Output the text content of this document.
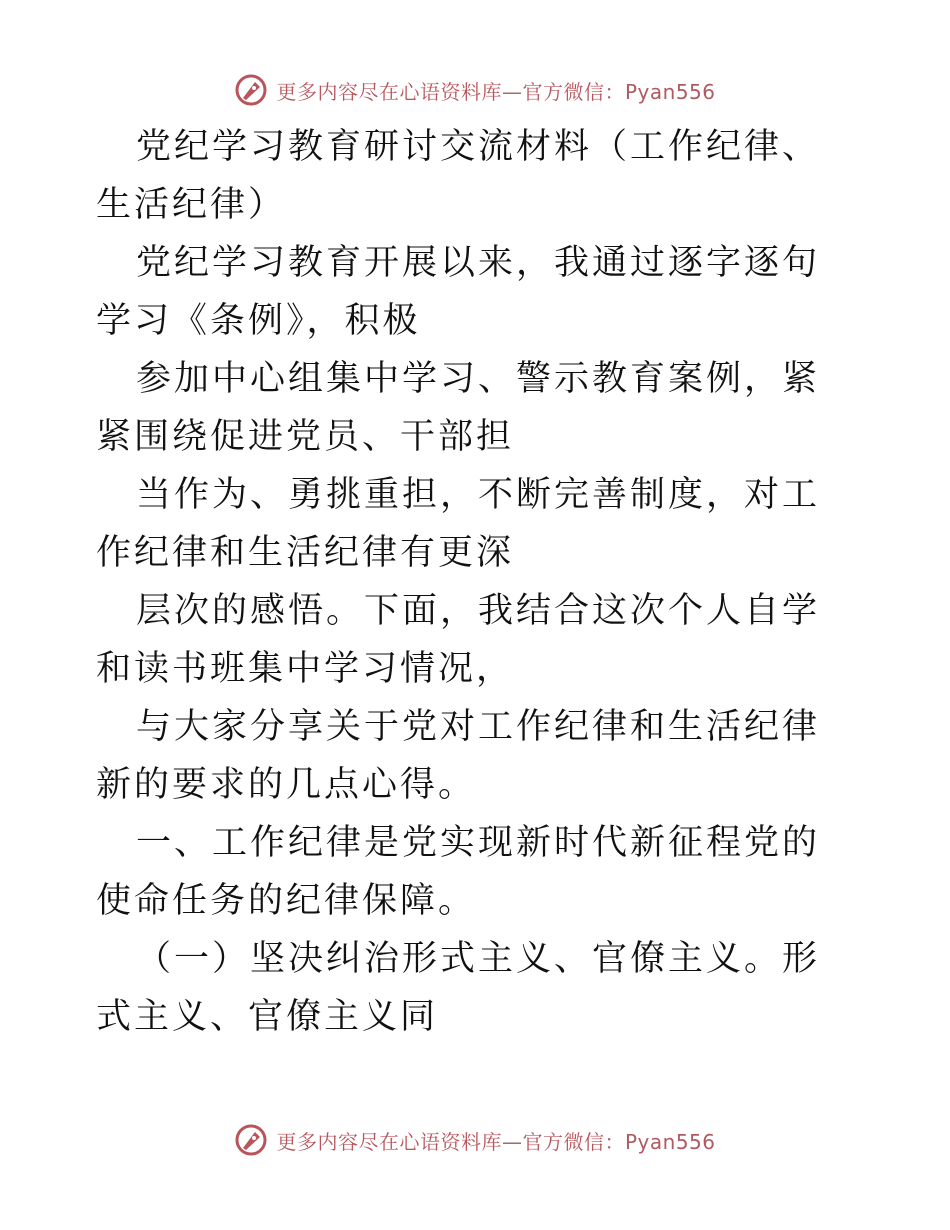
更多内容尽在心语资料库—官方微信：Pyan556

党纪学习教育研讨交流材料（工作纪律、生活纪律）

党纪学习教育开展以来，我通过逐字逐句学习《条例》，积极

参加中心组集中学习、警示教育案例，紧紧围绕促进党员、干部担

当作为、勇挑重担，不断完善制度，对工作纪律和生活纪律有更深

层次的感悟。下面，我结合这次个人自学和读书班集中学习情况，

与大家分享关于党对工作纪律和生活纪律新的要求的几点心得。

一、工作纪律是党实现新时代新征程党的使命任务的纪律保障。

（一）坚决纠治形式主义、官僚主义。形式主义、官僚主义同

更多内容尽在心语资料库—官方微信：Pyan556
